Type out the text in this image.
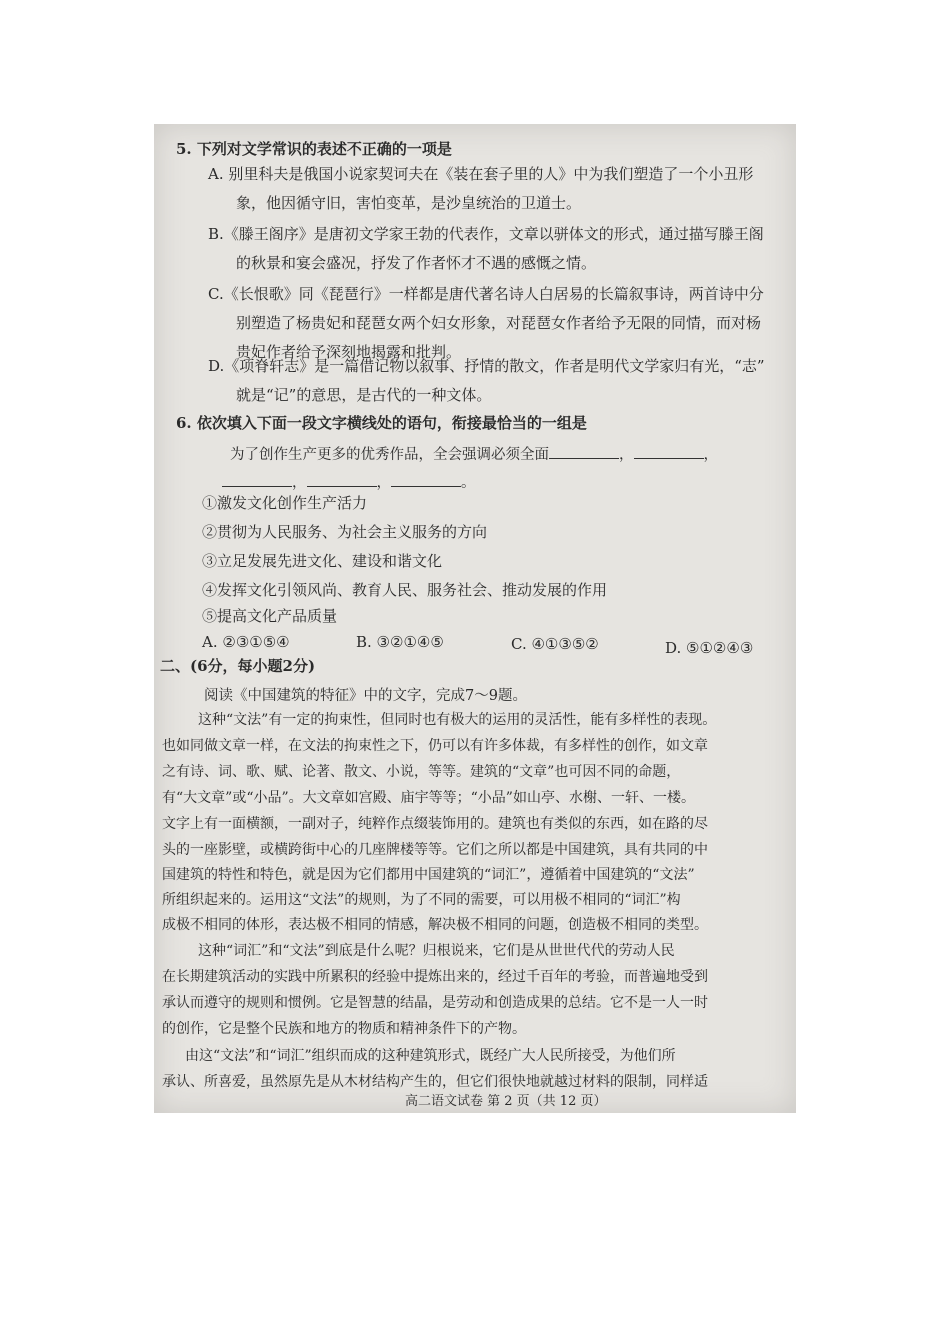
5. 下列对文学常识的表述不正确的一项是
A. 别里科夫是俄国小说家契诃夫在《装在套子里的人》中为我们塑造了一个小丑形
象，他因循守旧，害怕变革，是沙皇统治的卫道士。
B.《滕王阁序》是唐初文学家王勃的代表作，文章以骈体文的形式，通过描写滕王阁
的秋景和宴会盛况，抒发了作者怀才不遇的感慨之情。
C.《长恨歌》同《琵琶行》一样都是唐代著名诗人白居易的长篇叙事诗，两首诗中分
别塑造了杨贵妃和琵琶女两个妇女形象，对琵琶女作者给予无限的同情，而对杨
贵妃作者给予深刻地揭露和批判。
D.《项脊轩志》是一篇借记物以叙事、抒情的散文，作者是明代文学家归有光，“志”
就是“记”的意思，是古代的一种文体。
6. 依次填入下面一段文字横线处的语句，衔接最恰当的一组是
为了创作生产更多的优秀作品，全会强调必须全面	，	，
，	，	。
①激发文化创作生产活力
②贯彻为人民服务、为社会主义服务的方向
③立足发展先进文化、建设和谐文化
④发挥文化引领风尚、教育人民、服务社会、推动发展的作用
⑤提高文化产品质量
A. ②③①⑤④	B. ③②①④⑤	C. ④①③⑤②	D. ⑤①②④③
二、(6分，每小题2分)
阅读《中国建筑的特征》中的文字，完成7～9题。
这种“文法”有一定的拘束性，但同时也有极大的运用的灵活性，能有多样性的表现。
也如同做文章一样，在文法的拘束性之下，仍可以有许多体裁，有多样性的创作，如文章
之有诗、词、歌、赋、论著、散文、小说，等等。建筑的“文章”也可因不同的命题，
有“大文章”或“小品”。大文章如宫殿、庙宇等等；“小品”如山亭、水榭、一轩、一楼。
文字上有一面横额，一副对子，纯粹作点缀装饰用的。建筑也有类似的东西，如在路的尽
头的一座影壁，或横跨街中心的几座牌楼等等。它们之所以都是中国建筑，具有共同的中
国建筑的特性和特色，就是因为它们都用中国建筑的“词汇”，遵循着中国建筑的“文法”
所组织起来的。运用这“文法”的规则，为了不同的需要，可以用极不相同的“词汇”构
成极不相同的体形，表达极不相同的情感，解决极不相同的问题，创造极不相同的类型。
这种“词汇”和“文法”到底是什么呢？归根说来，它们是从世世代代的劳动人民
在长期建筑活动的实践中所累积的经验中提炼出来的，经过千百年的考验，而普遍地受到
承认而遵守的规则和惯例。它是智慧的结晶，是劳动和创造成果的总结。它不是一人一时
的创作，它是整个民族和地方的物质和精神条件下的产物。
由这“文法”和“词汇”组织而成的这种建筑形式，既经广大人民所接受，为他们所
承认、所喜爱，虽然原先是从木材结构产生的，但它们很快地就越过材料的限制，同样适
高二语文试卷 第 2 页（共 12 页）
